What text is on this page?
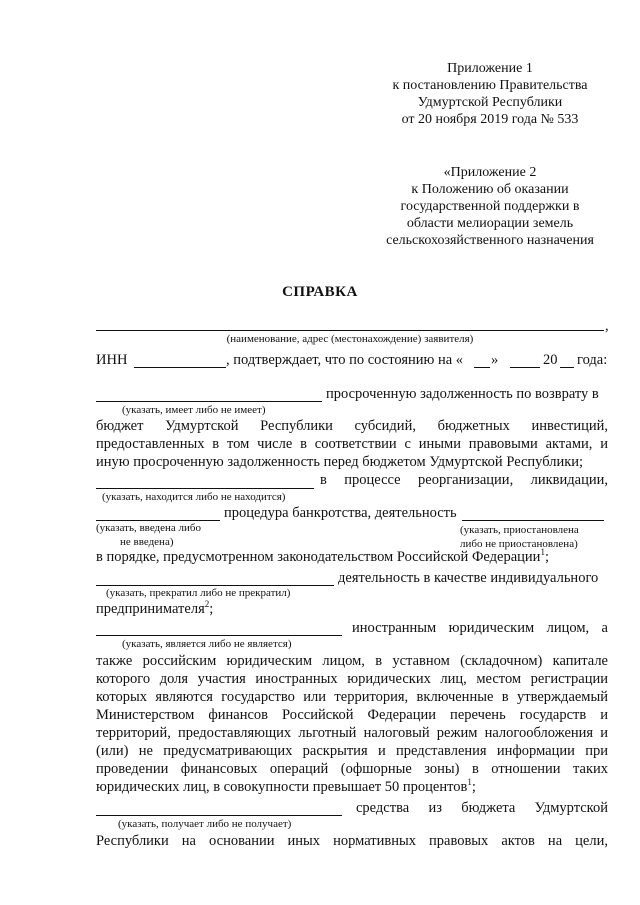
Приложение 1
к постановлению Правительства
Удмуртской Республики
от 20 ноября 2019 года № 533
«Приложение 2
к Положению об оказании
государственной поддержки в
области мелиорации земель
сельскохозяйственного назначения
СПРАВКА
,
(наименование, адрес (местонахождение) заявителя)
ИНН	, подтверждает, что по состоянию на « »	20 года:
просроченную задолженность по возврату в
(указать, имеет либо не имеет)
бюджет Удмуртской Республики субсидий, бюджетных инвестиций,
предоставленных в том числе в соответствии с иными правовыми актами, и
иную просроченную задолженность перед бюджетом Удмуртской Республики;
в процессе реорганизации, ликвидации,
(указать, находится либо не находится)
процедура банкротства, деятельность
(указать, введена либо
не введена)
(указать, приостановлена
либо не приостановлена)
в порядке, предусмотренном законодательством Российской Федерации$^1$;
деятельность в качестве индивидуального
(указать, прекратил либо не прекратил)
предпринимателя$^2$;
иностранным юридическим лицом, а
(указать, является либо не является)
также российским юридическим лицом, в уставном (складочном) капитале
которого доля участия иностранных юридических лиц, местом регистрации
которых являются государство или территория, включенные в утверждаемый
Министерством финансов Российской Федерации перечень государств и
территорий, предоставляющих льготный налоговый режим налогообложения и
(или) не предусматривающих раскрытия и представления информации при
проведении финансовых операций (офшорные зоны) в отношении таких
юридических лиц, в совокупности превышает 50 процентов$^1$;
средства из бюджета Удмуртской
(указать, получает либо не получает)
Республики на основании иных нормативных правовых актов на цели,
